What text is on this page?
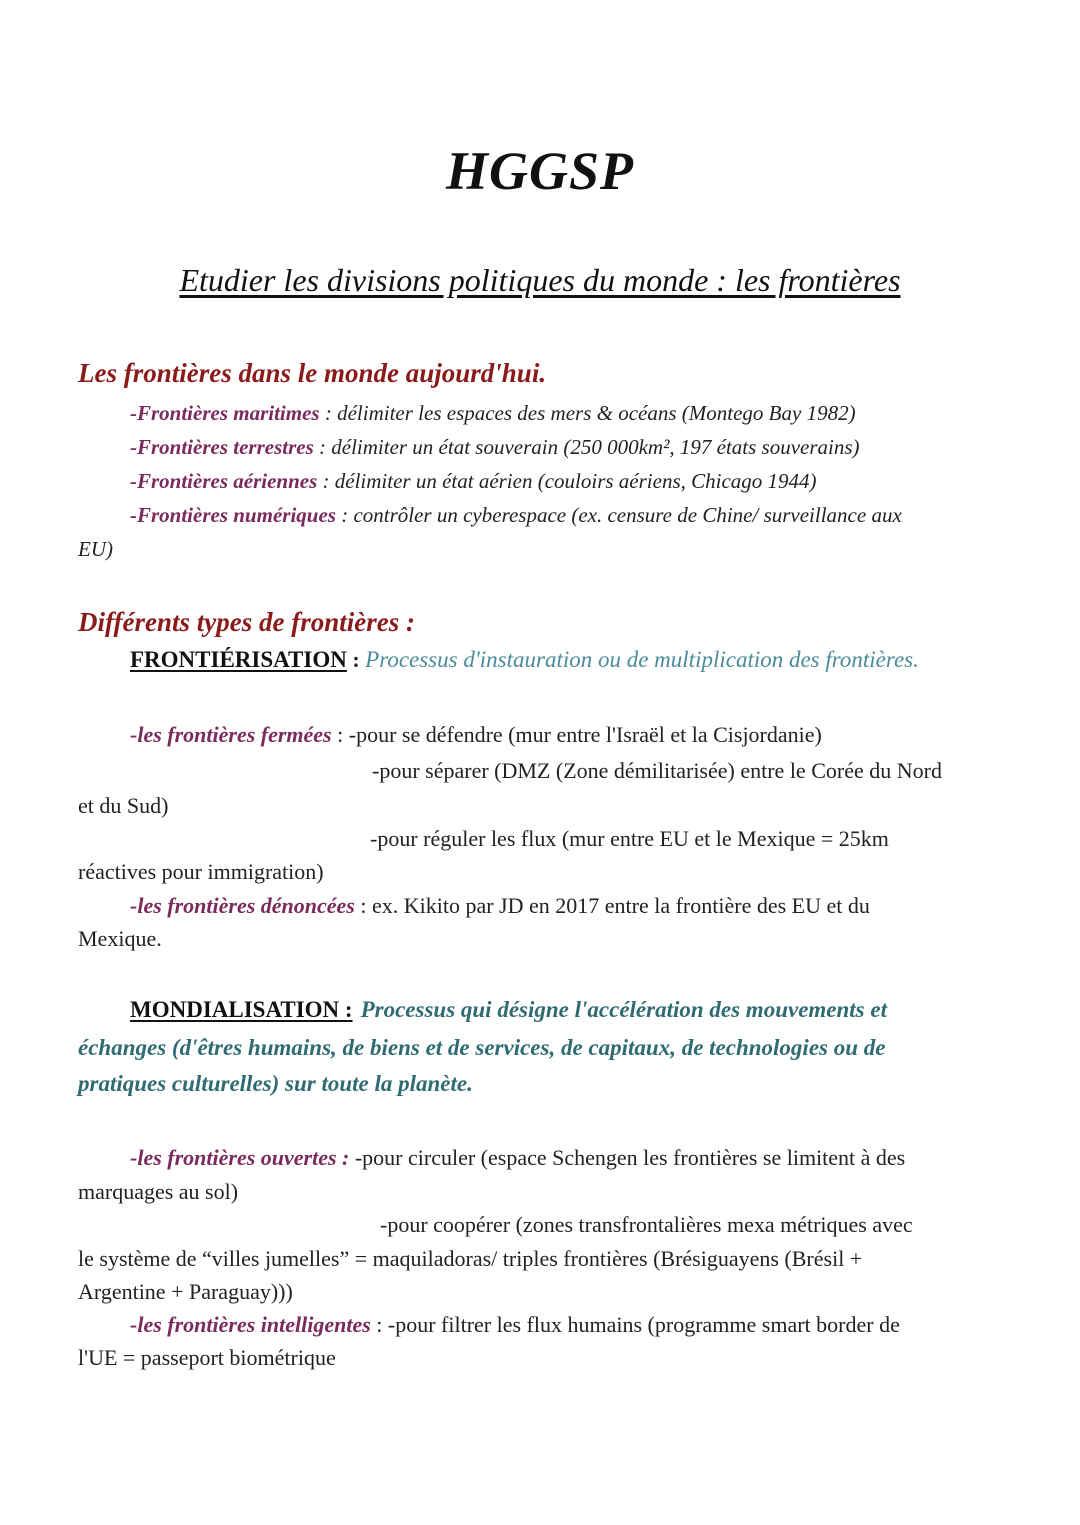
HGGSP
Etudier les divisions politiques du monde : les frontières
Les frontières dans le monde aujourd'hui.
-Frontières maritimes : délimiter les espaces des mers & océans (Montego Bay 1982)
-Frontières terrestres : délimiter un état souverain (250 000km², 197 états souverains)
-Frontières aériennes : délimiter un état aérien (couloirs aériens, Chicago 1944)
-Frontières numériques : contrôler un cyberespace (ex. censure de Chine/ surveillance aux
EU)
Différents types de frontières :
FRONTIÉRISATION : Processus d'instauration ou de multiplication des frontières.
-les frontières fermées : -pour se défendre (mur entre l'Israël et la Cisjordanie)
-pour séparer (DMZ (Zone démilitarisée) entre le Corée du Nord
et du Sud)
-pour réguler les flux (mur entre EU et le Mexique = 25km
réactives pour immigration)
-les frontières dénoncées : ex. Kikito par JD en 2017 entre la frontière des EU et du
Mexique.
MONDIALISATION : Processus qui désigne l'accélération des mouvements et
échanges (d'êtres humains, de biens et de services, de capitaux, de technologies ou de
pratiques culturelles) sur toute la planète.
-les frontières ouvertes : -pour circuler (espace Schengen les frontières se limitent à des
marquages au sol)
-pour coopérer (zones transfrontalières mexa métriques avec
le système de “villes jumelles” = maquiladoras/ triples frontières (Brésiguayens (Brésil +
Argentine + Paraguay)))
-les frontières intelligentes : -pour filtrer les flux humains (programme smart border de
l'UE = passeport biométrique
